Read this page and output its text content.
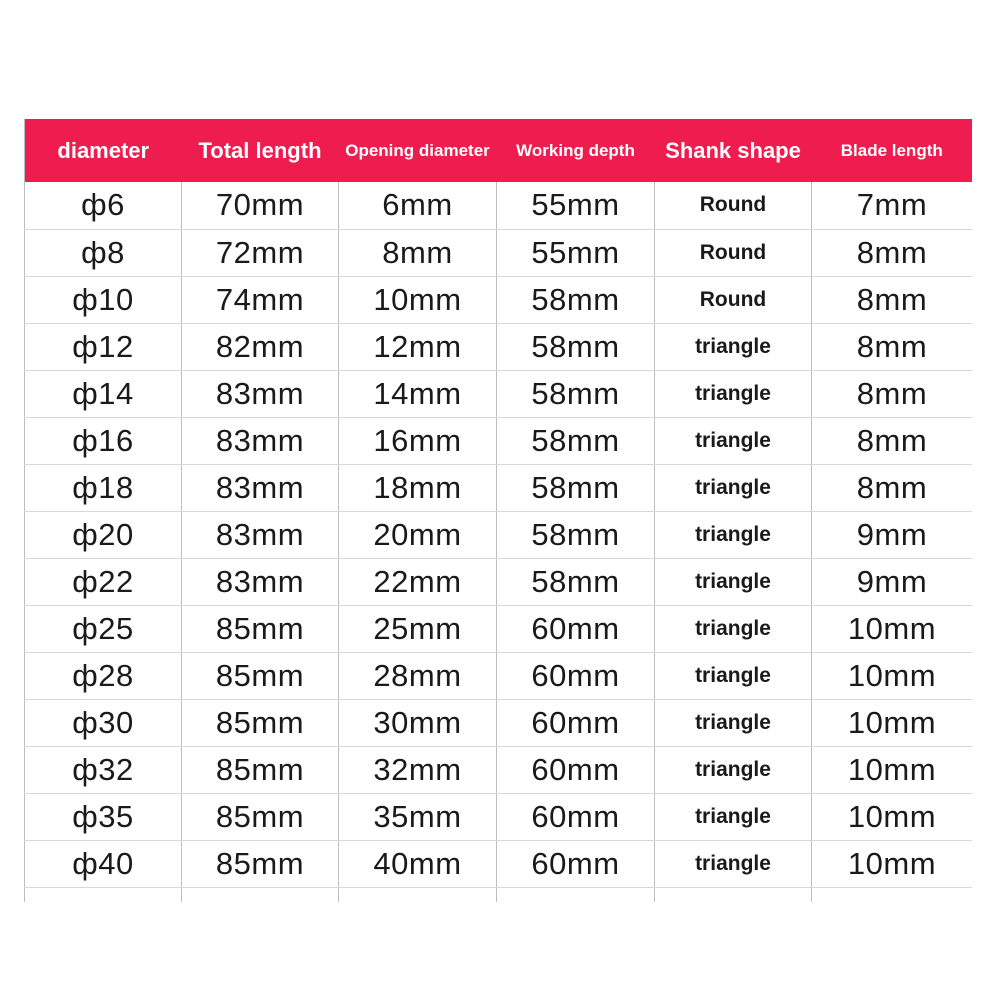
diameter	Total length	Opening diameter	Working depth	Shank shape	Blade length
ф6	70mm	6mm	55mm	Round	7mm
ф8	72mm	8mm	55mm	Round	8mm
ф10	74mm	10mm	58mm	Round	8mm
ф12	82mm	12mm	58mm	triangle	8mm
ф14	83mm	14mm	58mm	triangle	8mm
ф16	83mm	16mm	58mm	triangle	8mm
ф18	83mm	18mm	58mm	triangle	8mm
ф20	83mm	20mm	58mm	triangle	9mm
ф22	83mm	22mm	58mm	triangle	9mm
ф25	85mm	25mm	60mm	triangle	10mm
ф28	85mm	28mm	60mm	triangle	10mm
ф30	85mm	30mm	60mm	triangle	10mm
ф32	85mm	32mm	60mm	triangle	10mm
ф35	85mm	35mm	60mm	triangle	10mm
ф40	85mm	40mm	60mm	triangle	10mm
